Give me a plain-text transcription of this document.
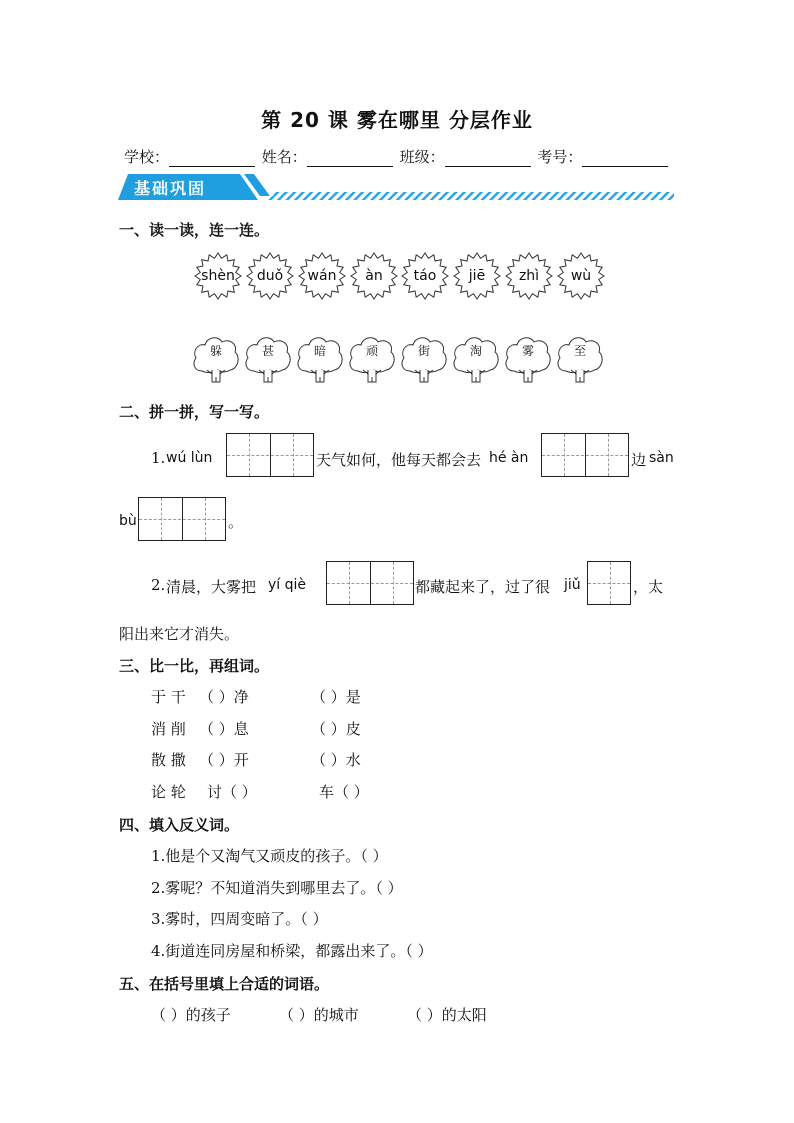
第 20 课 雾在哪里 分层作业
学校：	姓名：	班级：	考号：
基础巩固
一、读一读，连一连。
shèn	duǒ	wán	àn	táo	jiē	zhì	wù
躲	甚	暗	顽	街	淘	雾	至
二、拼一拼，写一写。
1. wú lùn	天气如何，他每天都会去 hé àn	边 sàn
bù	。
2. 清晨，大雾把 yí qiè	都藏起来了，过了很 jiǔ	，太
阳出来它才消失。
三、比一比，再组词。
于 干 （ ）净	（ ）是
消 削 （ ）息	（ ）皮
散 撒 （ ）开	（ ）水
论 轮 讨（ ）	车（ ）
四、填入反义词。
1.他是个又淘气又顽皮的孩子。（ ）
2.雾呢？不知道消失到哪里去了。（ ）
3.雾时，四周变暗了。（ ）
4.街道连同房屋和桥梁，都露出来了。（ ）
五、在括号里填上合适的词语。
（ ）的孩子	（ ）的城市	（ ）的太阳
